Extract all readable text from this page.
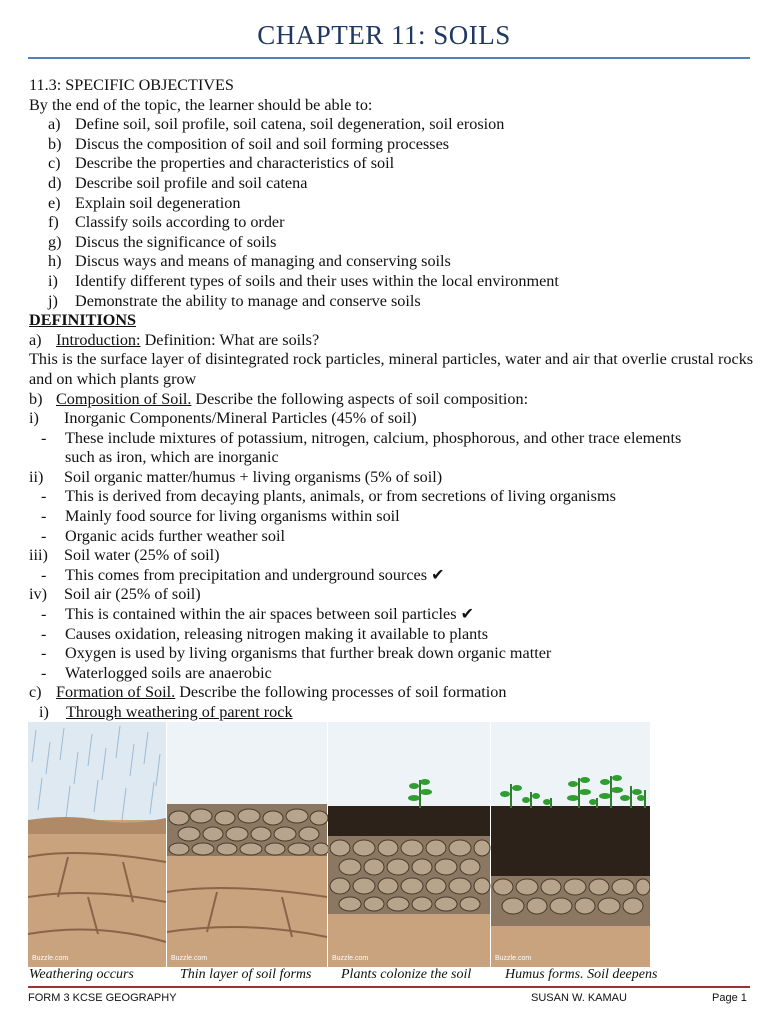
CHAPTER 11: SOILS
11.3: SPECIFIC OBJECTIVES
By the end of the topic, the learner should be able to:
a) Define soil, soil profile, soil catena, soil degeneration, soil erosion
b) Discus the composition of soil and soil forming processes
c) Describe the properties and characteristics of soil
d) Describe soil profile and soil catena
e) Explain soil degeneration
f) Classify soils according to order
g) Discus the significance of soils
h) Discus ways and means of managing and conserving soils
i) Identify different types of soils and their uses within the local environment
j) Demonstrate the ability to manage and conserve soils
DEFINITIONS
a) Introduction: Definition: What are soils?
This is the surface layer of disintegrated rock particles, mineral particles, water and air that overlie crustal rocks and on which plants grow
b) Composition of Soil. Describe the following aspects of soil composition:
i) Inorganic Components/Mineral Particles (45% of soil)
-	These include mixtures of potassium, nitrogen, calcium, phosphorous, and other trace elements such as iron, which are inorganic
ii) Soil organic matter/humus + living organisms (5% of soil)
- This is derived from decaying plants, animals, or from secretions of living organisms
- Mainly food source for living organisms within soil
- Organic acids further weather soil
iii) Soil water (25% of soil)
- This comes from precipitation and underground sources ✔
iv) Soil air (25% of soil)
- This is contained within the air spaces between soil particles ✔
- Causes oxidation, releasing nitrogen making it available to plants
- Oxygen is used by living organisms that further break down organic matter
- Waterlogged soils are anaerobic
c) Formation of Soil. Describe the following processes of soil formation
i) Through weathering of parent rock
Buzzle.com	Buzzle.com	Buzzle.com	Buzzle.com
Weathering occurs	Thin layer of soil forms Plants colonize the soil Humus forms. Soil deepens
FORM 3 KCSE GEOGRAPHY	SUSAN W. KAMAU	Page 1
